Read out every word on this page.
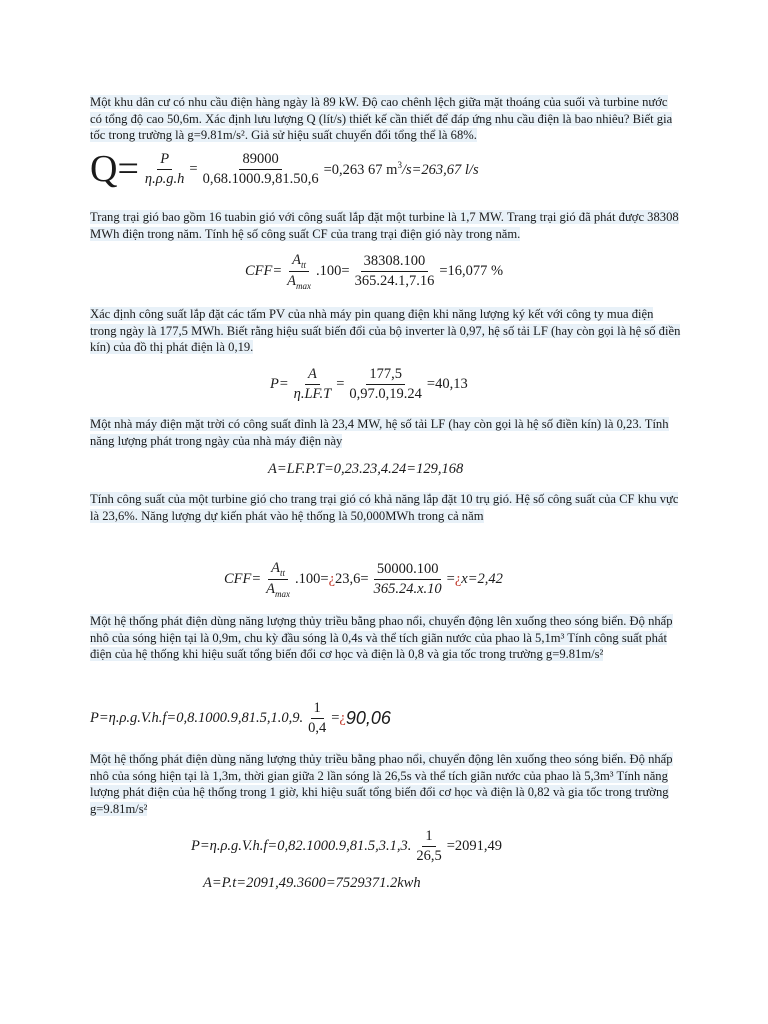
Một khu dân cư có nhu cầu điện hàng ngày là 89 kW. Độ cao chênh lệch giữa mặt thoáng của suối và turbine nước có tổng độ cao 50,6m. Xác định lưu lượng Q (lít/s) thiết kế cần thiết để đáp ứng nhu cầu điện là bao nhiêu? Biết gia tốc trong trường là g=9.81m/s². Giả sử hiệu suất chuyển đổi tổng thể là 68%.
$Q= \frac{P}{\eta.\rho.g.h} = \frac{89000}{0,68.1000.9,81.50,6} =0,263$ 67 $m^3/s=263,67$ l/s
Trang trại gió bao gồm 16 tuabin gió với công suất lắp đặt một turbine là 1,7 MW. Trang trại gió đã phát được 38308 MWh điện trong năm. Tính hệ số công suất CF của trang trại điện gió này trong năm.
$CFF= \frac{A_{tt}}{A_{max}} .100= \frac{38308.100}{365.24.1,7.16} =16,077$ %
Xác định công suất lắp đặt các tấm PV của nhà máy pin quang điện khi năng lượng ký kết với công ty mua điện trong ngày là 177,5 MWh. Biết rằng hiệu suất biến đổi của bộ inverter là 0,97, hệ số tải LF (hay còn gọi là hệ số điền kín) của đồ thị phát điện là 0,19.
$P= \frac{A}{\eta.LF.T} = \frac{177,5}{0,97.0,19.24} =40,13$
Một nhà máy điện mặt trời có công suất đỉnh là 23,4 MW, hệ số tải LF (hay còn gọi là hệ số điền kín) là 0,23. Tính năng lượng phát trong ngày của nhà máy điện này
A=LF.P.T=0,23.23,4.24=129,168
Tính công suất của một turbine gió cho trang trại gió có khả năng lắp đặt 10 trụ gió. Hệ số công suất của CF khu vực là 23,6%. Năng lượng dự kiến phát vào hệ thống là 50,000MWh trong cả năm
$CFF= \frac{A_{tt}}{A_{max}} .100=$ ¿ $23,6= \frac{50000.100}{365.24.x.10}$ = ¿ x=2,42
Một hệ thống phát điện dùng năng lượng thủy triều bằng phao nổi, chuyển động lên xuống theo sóng biển. Độ nhấp nhô của sóng hiện tại là 0,9m, chu kỳ đầu sóng là 0,4s và thể tích giãn nước của phao là 5,1m³ Tính công suất phát điện của hệ thống khi hiệu suất tổng biến đổi cơ học và điện là 0,8 và gia tốc trong trường g=9.81m/s²
P=η.ρ.g.V.h.f=0,8.1000.9,81.5,1.0,9. $\frac{1}{0,4}$ = ¿ 90,06
Một hệ thống phát điện dùng năng lượng thủy triều bằng phao nổi, chuyển động lên xuống theo sóng biển. Độ nhấp nhô của sóng hiện tại là 1,3m, thời gian giữa 2 lần sóng là 26,5s và thể tích giãn nước của phao là 5,3m³ Tính năng lượng phát điện của hệ thống trong 1 giờ, khi hiệu suất tổng biến đổi cơ học và điện là 0,82 và gia tốc trong trường g=9.81m/s²
P=η.ρ.g.V.h.f=0,82.1000.9,81.5,3.1,3. $\frac{1}{26,5} =2091,49$
A=P.t=2091,49.3600=7529371.2 kwh
